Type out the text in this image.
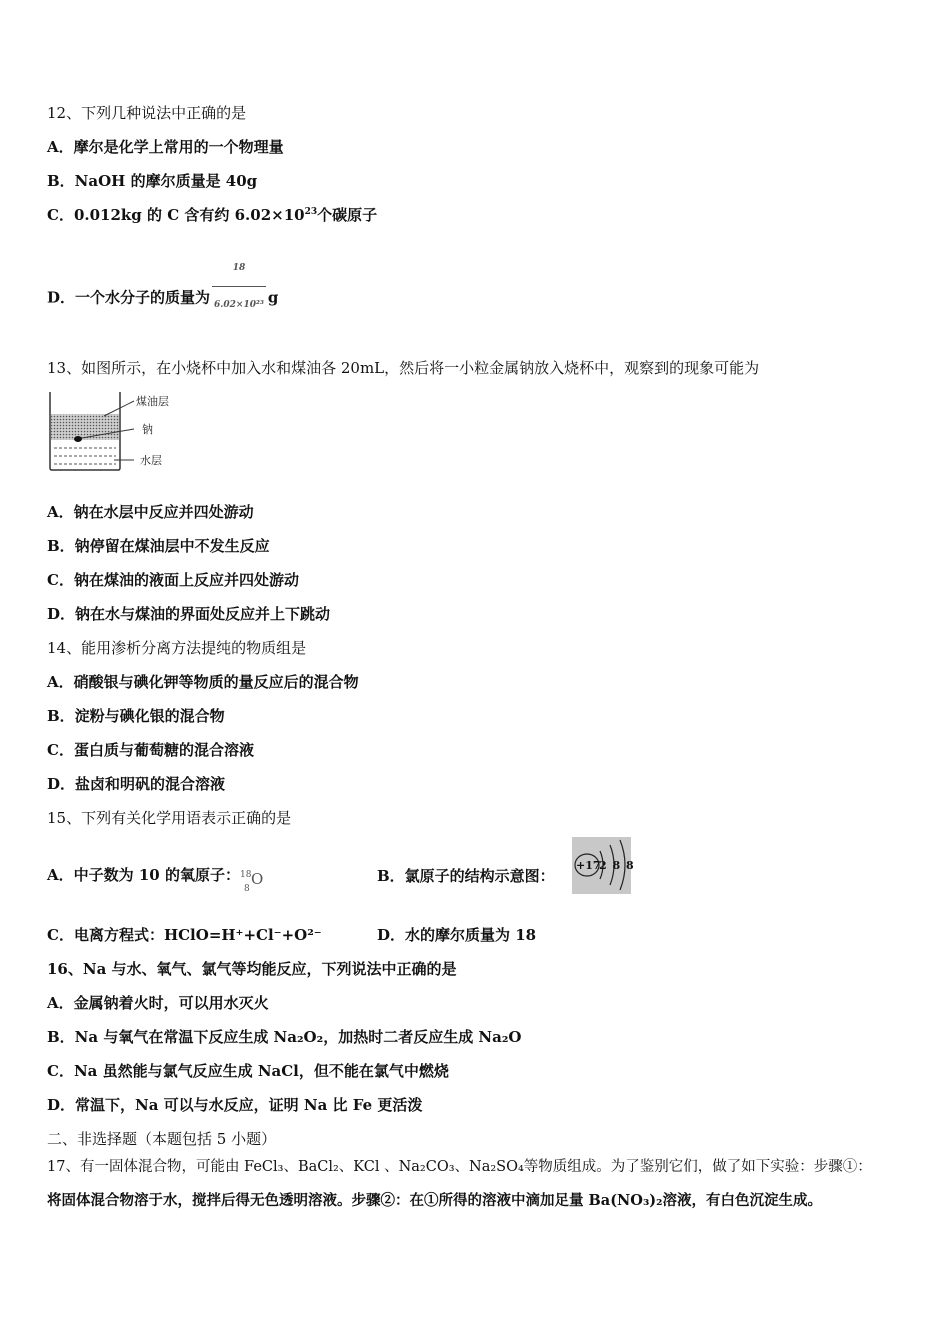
12、下列几种说法中正确的是
A．摩尔是化学上常用的一个物理量
B．NaOH 的摩尔质量是 40g
C．0.012kg 的 C 含有约 $6.02\times 10^{23}$个碳原子
D．一个水分子的质量为 $\frac{18}{\text{6.02×10²³}}$ g
13、如图所示，在小烧杯中加入水和煤油各 20mL，然后将一小粒金属钠放入烧杯中，观察到的现象可能为
煤油层
钠
水层
A．钠在水层中反应并四处游动
B．钠停留在煤油层中不发生反应
C．钠在煤油的液面上反应并四处游动
D．钠在水与煤油的界面处反应并上下跳动
14、能用渗析分离方法提纯的物质组是
A．硝酸银与碘化钾等物质的量反应后的混合物
B．淀粉与碘化银的混合物
C．蛋白质与葡萄糖的混合溶液
D．盐卤和明矾的混合溶液
15、下列有关化学用语表示正确的是
A．中子数为 10 的氧原子： 18
8
O	B．氯原子的结构示意图：
+17
2 8 8
C．电离方程式：HClO=H⁺+Cl⁻+O²⁻	D．水的摩尔质量为 18
16、Na 与水、氧气、氯气等均能反应，下列说法中正确的是
A．金属钠着火时，可以用水灭火
B．Na 与氧气在常温下反应生成 Na₂O₂，加热时二者反应生成 Na₂O
C．Na 虽然能与氯气反应生成 NaCl，但不能在氯气中燃烧
D．常温下，Na 可以与水反应，证明 Na 比 Fe 更活泼
二、非选择题（本题包括 5 小题）
17、有一固体混合物，可能由 FeCl₃、BaCl₂、KCl 、Na₂CO₃、Na₂SO₄等物质组成。为了鉴别它们，做了如下实验：步骤①：
将固体混合物溶于水，搅拌后得无色透明溶液。步骤②：在①所得的溶液中滴加足量 Ba(NO₃)₂溶液，有白色沉淀生成。
